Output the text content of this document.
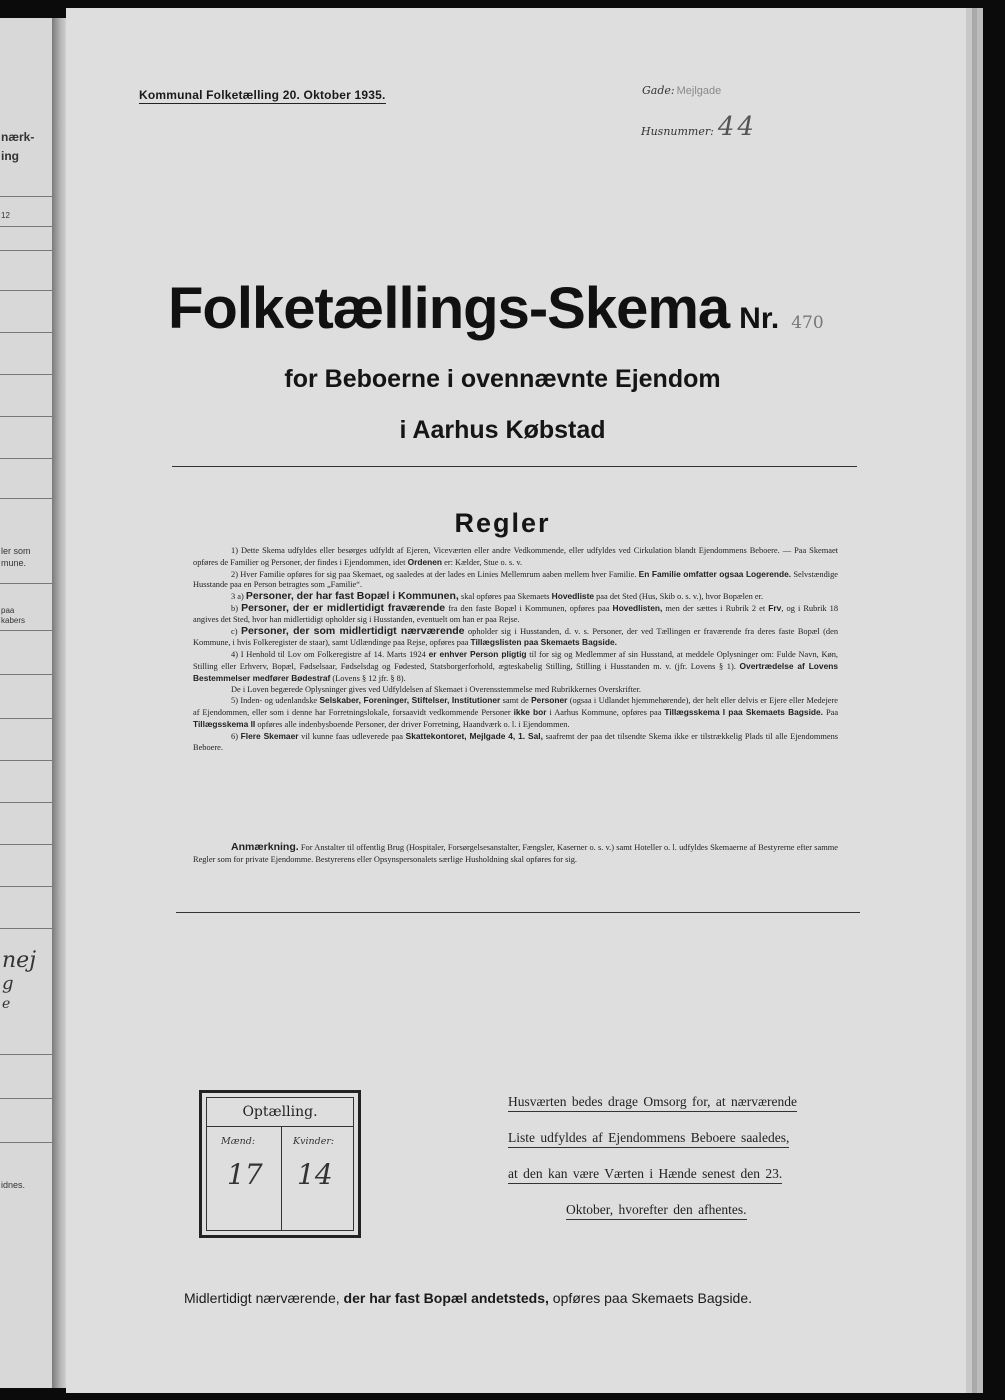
nærk-
ing
12
ler som
mune.
paa
kabers
nej
g
e
idnes.
Kommunal Folketælling 20. Oktober 1935.	Gade: Mejlgade
Husnummer: 44
Folketællings-Skema Nr. 470
for Beboerne i ovennævnte Ejendom
i Aarhus Købstad
Regler

1) Dette Skema udfyldes eller besørges udfyldt af Ejeren, Viceværten eller andre Vedkommende, eller udfyldes ved Cirkulation blandt Ejendommens Beboere. — Paa Skemaet opføres de Familier og Personer, der findes i Ejendommen, idet Ordenen er: Kælder, Stue o. s. v.

2) Hver Familie opføres for sig paa Skemaet, og saaledes at der lades en Linies Mellemrum aaben mellem hver Familie. En Familie omfatter ogsaa Logerende. Selvstændige Husstande paa en Person betragtes som „Familie“.

3 a) Personer, der har fast Bopæl i Kommunen, skal opføres paa Skemaets Hovedliste paa det Sted (Hus, Skib o. s. v.), hvor Bopælen er.

b) Personer, der er midlertidigt fraværende fra den faste Bopæl i Kommunen, opføres paa Hovedlisten, men der sættes i Rubrik 2 et Frv, og i Rubrik 18 angives det Sted, hvor han midlertidigt opholder sig i Husstanden, eventuelt om han er paa Rejse.

c) Personer, der som midlertidigt nærværende opholder sig i Husstanden, d. v. s. Personer, der ved Tællingen er fraværende fra deres faste Bopæl (den Kommune, i hvis Folkeregister de staar), samt Udlændinge paa Rejse, opføres paa Tillægslisten paa Skemaets Bagside.

4) I Henhold til Lov om Folkeregistre af 14. Marts 1924 er enhver Person pligtig til for sig og Medlemmer af sin Husstand, at meddele Oplysninger om: Fulde Navn, Køn, Stilling eller Erhverv, Bopæl, Fødselsaar, Fødselsdag og Fødested, Statsborgerforhold, ægteskabelig Stilling, Stilling i Husstanden m. v. (jfr. Lovens § 1). Overtrædelse af Lovens Bestemmelser medfører Bødestraf (Lovens § 12 jfr. § 8).

De i Loven begærede Oplysninger gives ved Udfyldelsen af Skemaet i Overensstemmelse med Rubrikkernes Overskrifter.

5) Inden- og udenlandske Selskaber, Foreninger, Stiftelser, Institutioner samt de Personer (ogsaa i Udlandet hjemmehørende), der helt eller delvis er Ejere eller Medejere af Ejendommen, eller som i denne har Forretningslokale, forsaavidt vedkommende Personer ikke bor i Aarhus Kommune, opføres paa Tillægsskema I paa Skemaets Bagside. Paa Tillægsskema II opføres alle indenbysboende Personer, der driver Forretning, Haandværk o. l. i Ejendommen.

6) Flere Skemaer vil kunne faas udleverede paa Skattekontoret, Mejlgade 4, 1. Sal, saafremt der paa det tilsendte Skema ikke er tilstrækkelig Plads til alle Ejendommens Beboere.

Anmærkning. For Anstalter til offentlig Brug (Hospitaler, Forsørgelsesanstalter, Fængsler, Kaserner o. s. v.) samt Hoteller o. l. udfyldes Skemaerne af Bestyrerne efter samme Regler som for private Ejendomme. Bestyrerens eller Opsynspersonalets særlige Husholdning skal opføres for sig.

Optælling.
Mænd:	Kvinder:
17 14
Husværten bedes drage Omsorg for, at nærværende
Liste udfyldes af Ejendommens Beboere saaledes,
at den kan være Værten i Hænde senest den 23.
Oktober, hvorefter den afhentes.
Midlertidigt nærværende, der har fast Bopæl andetsteds, opføres paa Skemaets Bagside.
